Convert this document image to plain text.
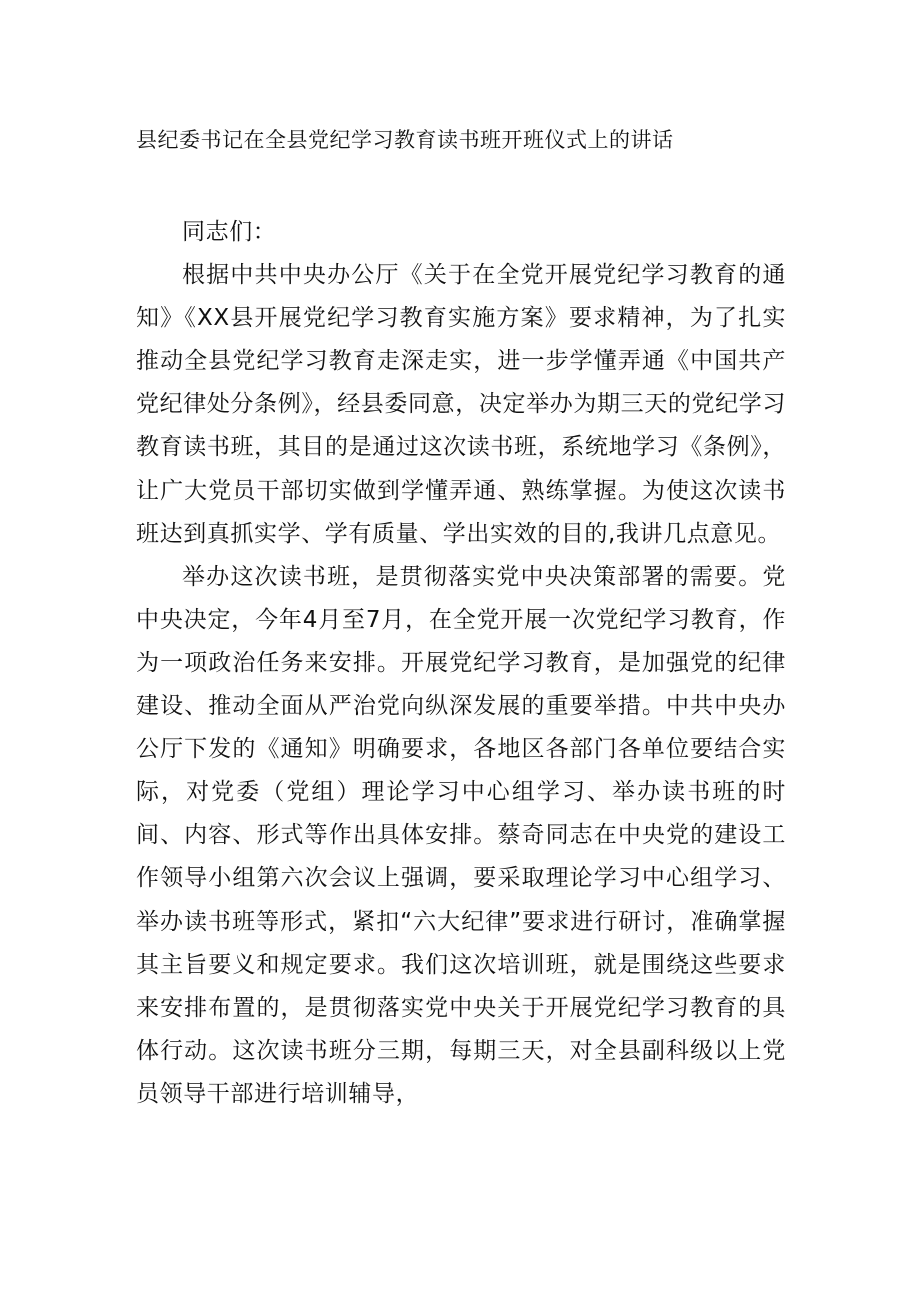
县纪委书记在全县党纪学习教育读书班开班仪式上的讲话

同志们：

根据中共中央办公厅《关于在全党开展党纪学习教育的通知》《XX县开展党纪学习教育实施方案》要求精神，为了扎实推动全县党纪学习教育走深走实，进一步学懂弄通《中国共产党纪律处分条例》，经县委同意，决定举办为期三天的党纪学习教育读书班，其目的是通过这次读书班，系统地学习《条例》，让广大党员干部切实做到学懂弄通、熟练掌握。为使这次读书班达到真抓实学、学有质量、学出实效的目的,我讲几点意见。

举办这次读书班，是贯彻落实党中央决策部署的需要。党中央决定，今年4月至7月，在全党开展一次党纪学习教育，作为一项政治任务来安排。开展党纪学习教育，是加强党的纪律建设、推动全面从严治党向纵深发展的重要举措。中共中央办公厅下发的《通知》明确要求，各地区各部门各单位要结合实际，对党委（党组）理论学习中心组学习、举办读书班的时间、内容、形式等作出具体安排。蔡奇同志在中央党的建设工作领导小组第六次会议上强调，要采取理论学习中心组学习、举办读书班等形式，紧扣“六大纪律”要求进行研讨，准确掌握其主旨要义和规定要求。我们这次培训班，就是围绕这些要求来安排布置的，是贯彻落实党中央关于开展党纪学习教育的具体行动。这次读书班分三期，每期三天，对全县副科级以上党员领导干部进行培训辅导，
